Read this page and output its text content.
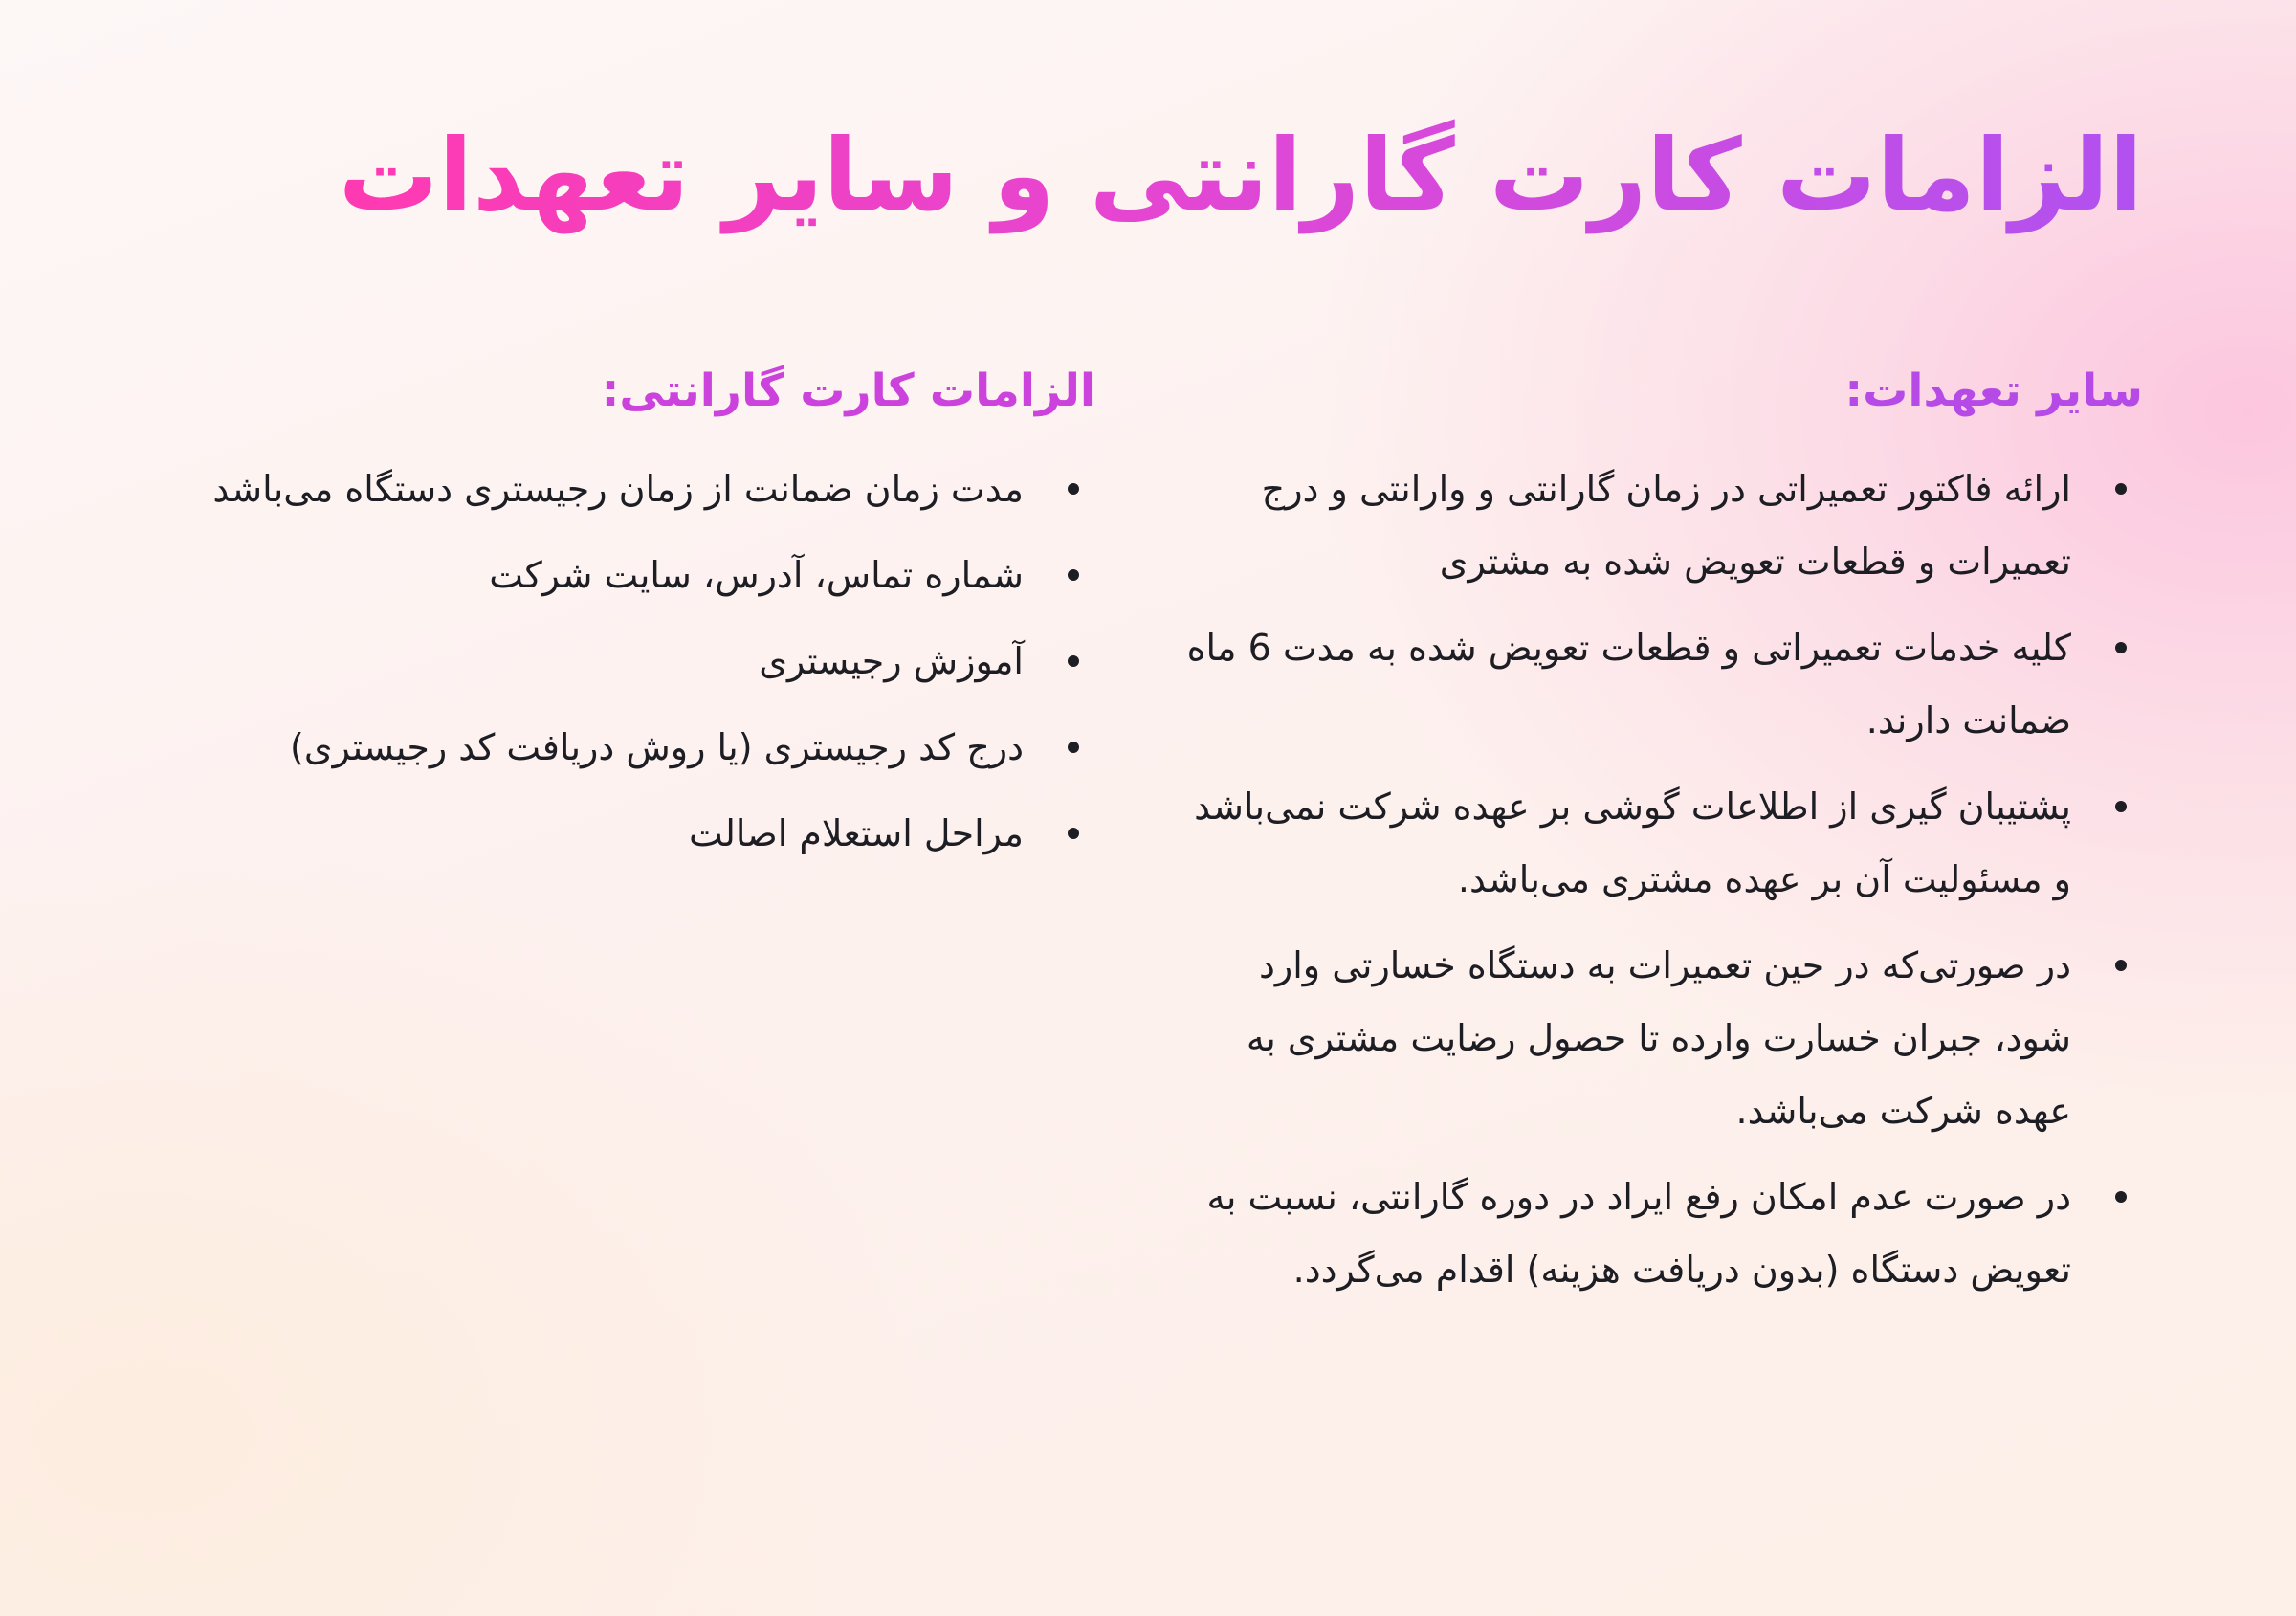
الزامات کارت گارانتی و سایر تعهدات
سایر تعهدات:
ارائه فاکتور تعمیراتی در زمان گارانتی و وارانتی و درج تعمیرات و قطعات تعویض شده به مشتری
کلیه خدمات تعمیراتی و قطعات تعویض شده به مدت 6 ماه ضمانت دارند.
پشتیبان گیری از اطلاعات گوشی بر عهده شرکت نمی‌باشد و مسئولیت آن بر عهده مشتری می‌باشد.
در صورتی‌که در حین تعمیرات به دستگاه خسارتی وارد شود، جبران خسارت وارده تا حصول رضایت مشتری به عهده شرکت می‌باشد.
در صورت عدم امکان رفع ایراد در دوره گارانتی، نسبت به تعویض دستگاه (بدون دریافت هزینه) اقدام می‌گردد.
الزامات کارت گارانتی:
مدت زمان ضمانت از زمان رجیستری دستگاه می‌باشد
شماره تماس، آدرس، سایت شرکت
آموزش رجیستری
درج کد رجیستری (یا روش دریافت کد رجیستری)
مراحل استعلام اصالت
